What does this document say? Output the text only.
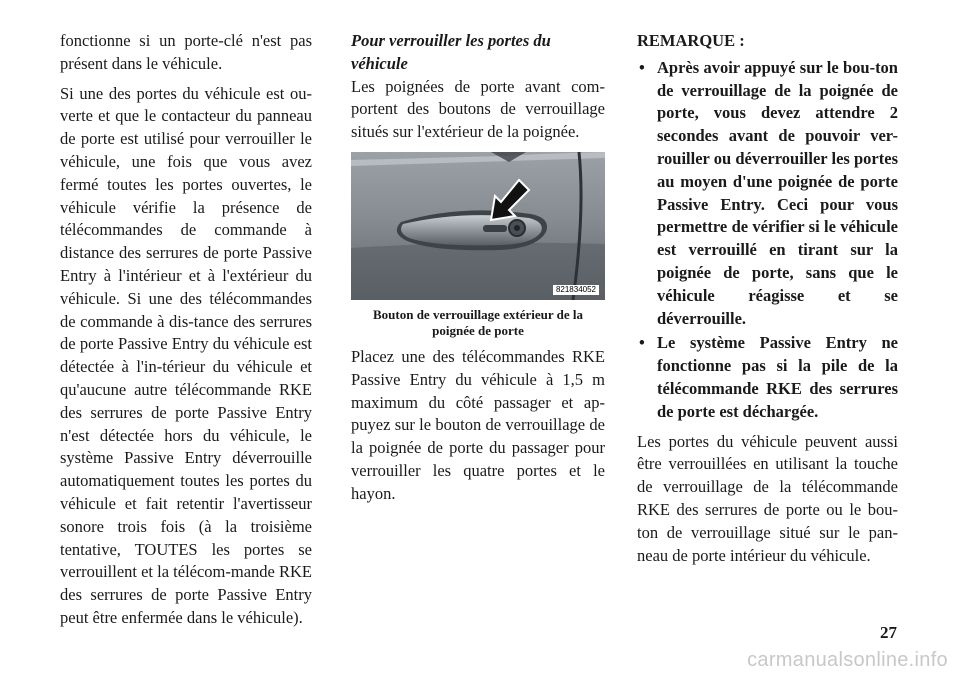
fonctionne si un porte-clé n'est pas présent dans le véhicule.

Si une des portes du véhicule est ou-verte et que le contacteur du panneau de porte est utilisé pour verrouiller le véhicule, une fois que vous avez fermé toutes les portes ouvertes, le véhicule vérifie la présence de télécommandes de commande à distance des serrures de porte Passive Entry à l'intérieur et à l'extérieur du véhicule. Si une des télécommandes de commande à dis-tance des serrures de porte Passive Entry du véhicule est détectée à l'in-térieur du véhicule et qu'aucune autre télécommande RKE des serrures de porte Passive Entry n'est détectée hors du véhicule, le système Passive Entry déverrouille automatiquement toutes les portes du véhicule et fait retentir l'avertisseur sonore trois fois (à la troisième tentative, TOUTES les portes se verrouillent et la télécom-mande RKE des serrures de porte Passive Entry peut être enfermée dans le véhicule).

Pour verrouiller les portes du véhicule

Les poignées de porte avant com-portent des boutons de verrouillage situés sur l'extérieur de la poignée.

821834052

Bouton de verrouillage extérieur de la poignée de porte

Placez une des télécommandes RKE Passive Entry du véhicule à 1,5 m maximum du côté passager et ap-puyez sur le bouton de verrouillage de la poignée de porte du passager pour verrouiller les quatre portes et le hayon.

REMARQUE :

• Après avoir appuyé sur le bou-ton de verrouillage de la poignée de porte, vous devez attendre 2 secondes avant de pouvoir ver-rouiller ou déverrouiller les portes au moyen d'une poignée de porte Passive Entry. Ceci pour vous permettre de vérifier si le véhicule est verrouillé en tirant sur la poignée de porte, sans que le véhicule réagisse et se déverrouille.
• Le système Passive Entry ne fonctionne pas si la pile de la télécommande RKE des serrures de porte est déchargée.

Les portes du véhicule peuvent aussi être verrouillées en utilisant la touche de verrouillage de la télécommande RKE des serrures de porte ou le bou-ton de verrouillage situé sur le pan-neau de porte intérieur du véhicule.

27
carmanualsonline.info
